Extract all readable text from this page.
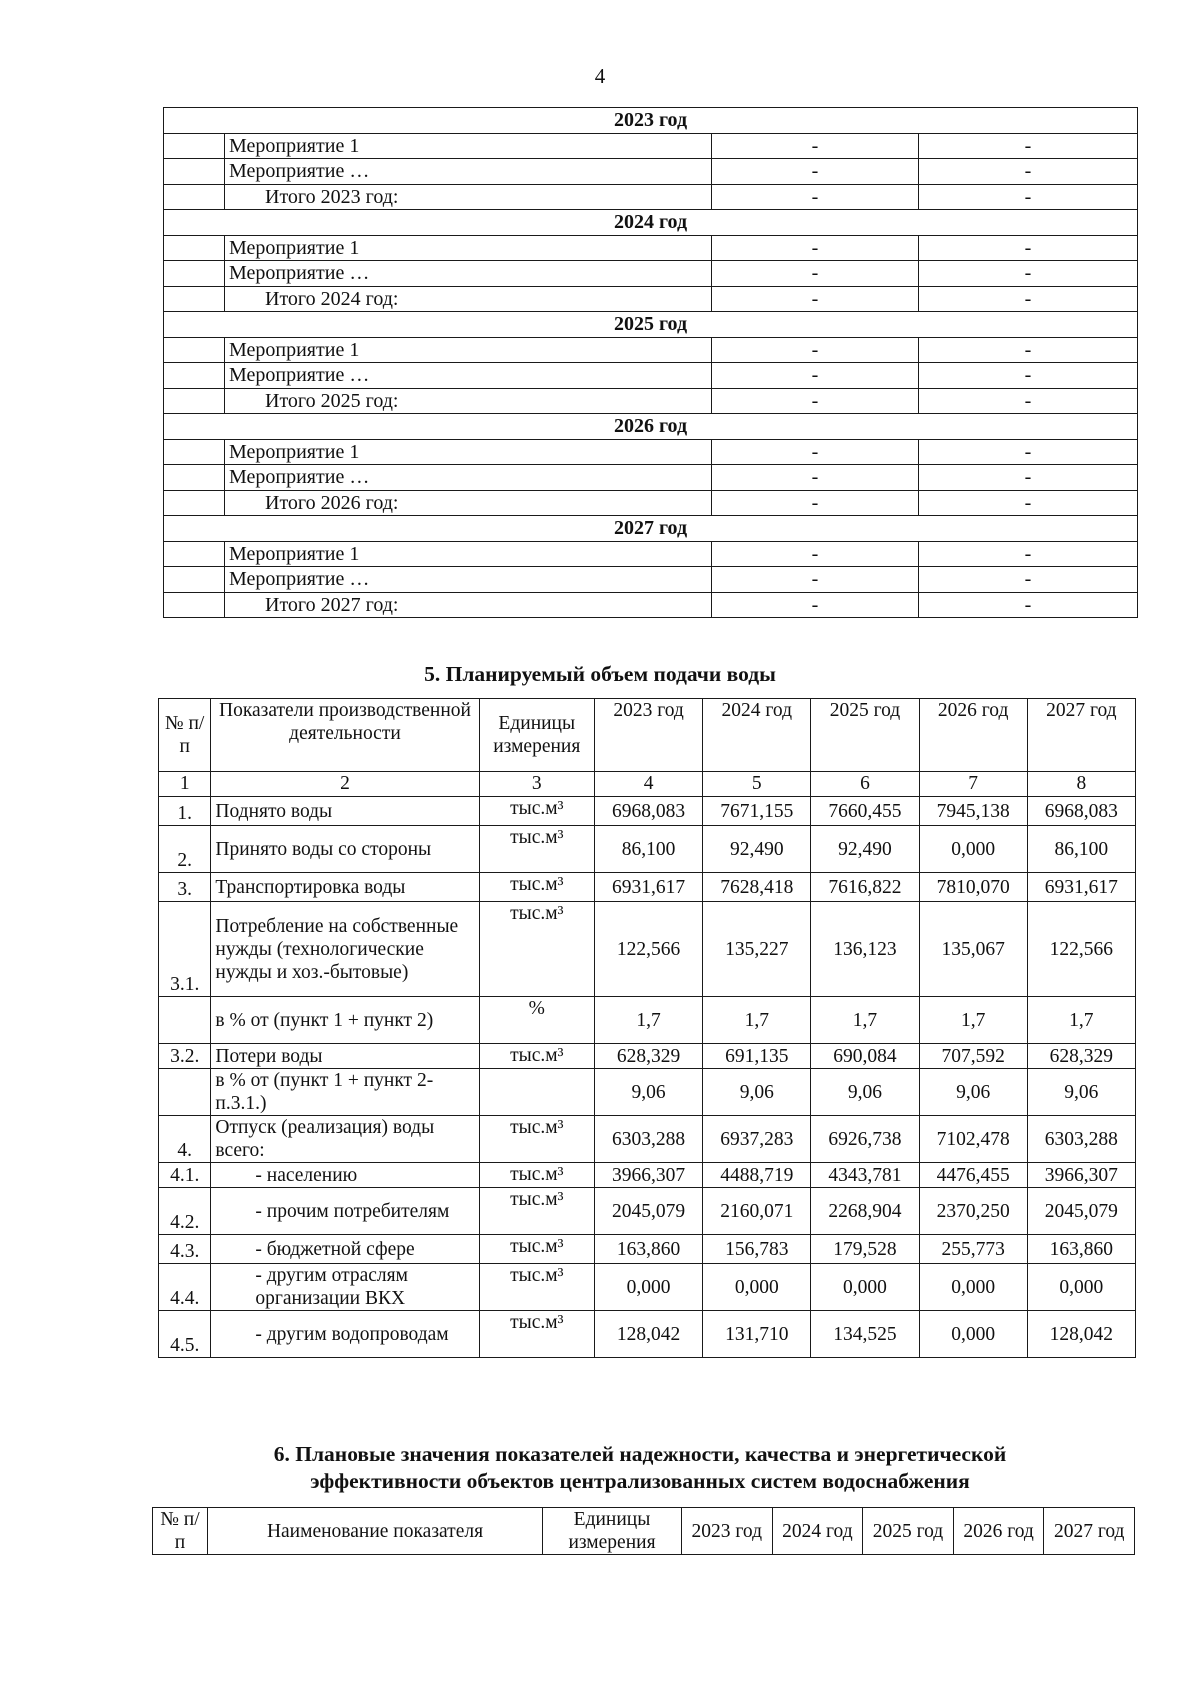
4
2023 год			
	Мероприятие 1	-	-
	Мероприятие …	-	-
	Итого 2023 год:	-	-
2024 год			
	Мероприятие 1	-	-
	Мероприятие …	-	-
	Итого 2024 год:	-	-
2025 год			
	Мероприятие 1	-	-
	Мероприятие …	-	-
	Итого 2025 год:	-	-
2026 год			
	Мероприятие 1	-	-
	Мероприятие …	-	-
	Итого 2026 год:	-	-
2027 год			
	Мероприятие 1	-	-
	Мероприятие …	-	-
	Итого 2027 год:	-	-
5. Планируемый объем подачи воды
№ п/п	Показатели производственной деятельности	Единицы измерения	2023 год	2024 год	2025 год	2026 год	2027 год
1	2	3	4	5	6	7	8
1.	Поднято воды	тыс.м³	6968,083	7671,155	7660,455	7945,138	6968,083
2.	Принято воды со стороны	тыс.м³	86,100	92,490	92,490	0,000	86,100
3.	Транспортировка воды	тыс.м³	6931,617	7628,418	7616,822	7810,070	6931,617
3.1.	Потребление на собственные нужды (технологические нужды и хоз.-бытовые)	тыс.м³	122,566	135,227	136,123	135,067	122,566
	в % от (пункт 1 + пункт 2)	%	1,7	1,7	1,7	1,7	1,7
3.2.	Потери воды	тыс.м³	628,329	691,135	690,084	707,592	628,329
	в % от (пункт 1 + пункт 2-п.3.1.)		9,06	9,06	9,06	9,06	9,06
4.	Отпуск (реализация) воды всего:	тыс.м³	6303,288	6937,283	6926,738	7102,478	6303,288
4.1.	- населению	тыс.м³	3966,307	4488,719	4343,781	4476,455	3966,307
4.2.	- прочим потребителям	тыс.м³	2045,079	2160,071	2268,904	2370,250	2045,079
4.3.	- бюджетной сфере	тыс.м³	163,860	156,783	179,528	255,773	163,860
4.4.	- другим отраслям организации ВКХ	тыс.м³	0,000	0,000	0,000	0,000	0,000
4.5.	- другим водопроводам	тыс.м³	128,042	131,710	134,525	0,000	128,042
6. Плановые значения показателей надежности, качества и энергетической
эффективности объектов централизованных систем водоснабжения
№ п/п	Наименование показателя	Единицы измерения	2023 год	2024 год	2025 год	2026 год	2027 год
